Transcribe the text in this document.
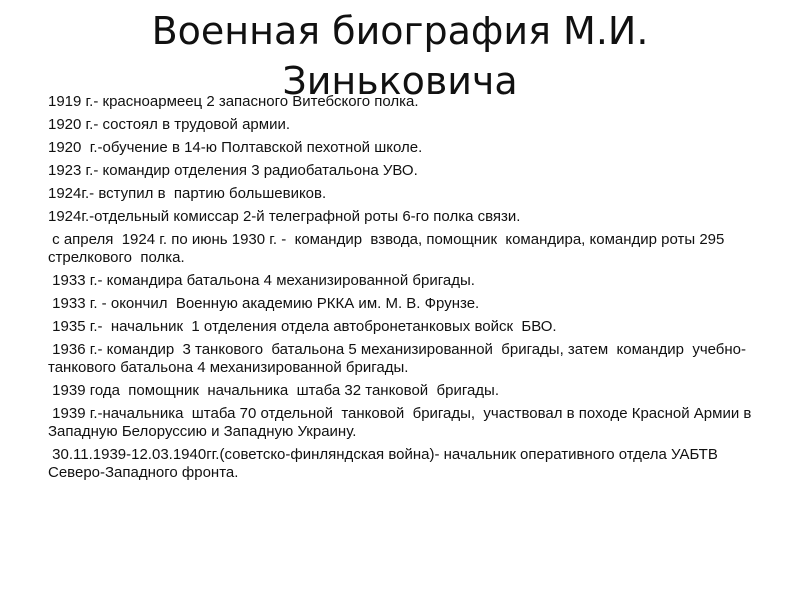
Военная биография М.И. Зиньковича
1919 г.- красноармеец 2 запасного Витебского полка.
1920 г.- состоял в трудовой армии.
1920  г.-обучение в 14-ю Полтавской пехотной школе.
1923 г.- командир отделения 3 радиобатальона УВО.
1924г.- вступил в  партию большевиков.
1924г.-отдельный комиссар 2-й телеграфной роты 6-го полка связи.
с апреля  1924 г. по июнь 1930 г. -  командир  взвода, помощник  командира, командир роты 295 стрелкового  полка.
1933 г.- командира батальона 4 механизированной бригады.
1933 г. - окончил  Военную академию РККА им. М. В. Фрунзе.
1935 г.-  начальник  1 отделения отдела автобронетанковых войск  БВО.
1936 г.- командир  3 танкового  батальона 5 механизированной  бригады, затем  командир  учебно-танкового батальона 4 механизированной бригады.
1939 года  помощник  начальника  штаба 32 танковой  бригады.
1939 г.-начальника  штаба 70 отдельной  танковой  бригады,  участвовал в походе Красной Армии в Западную Белоруссию и Западную Украину.
30.11.1939-12.03.1940гг.(советско-финляндская война)- начальник оперативного отдела УАБТВ Северо-Западного фронта.
